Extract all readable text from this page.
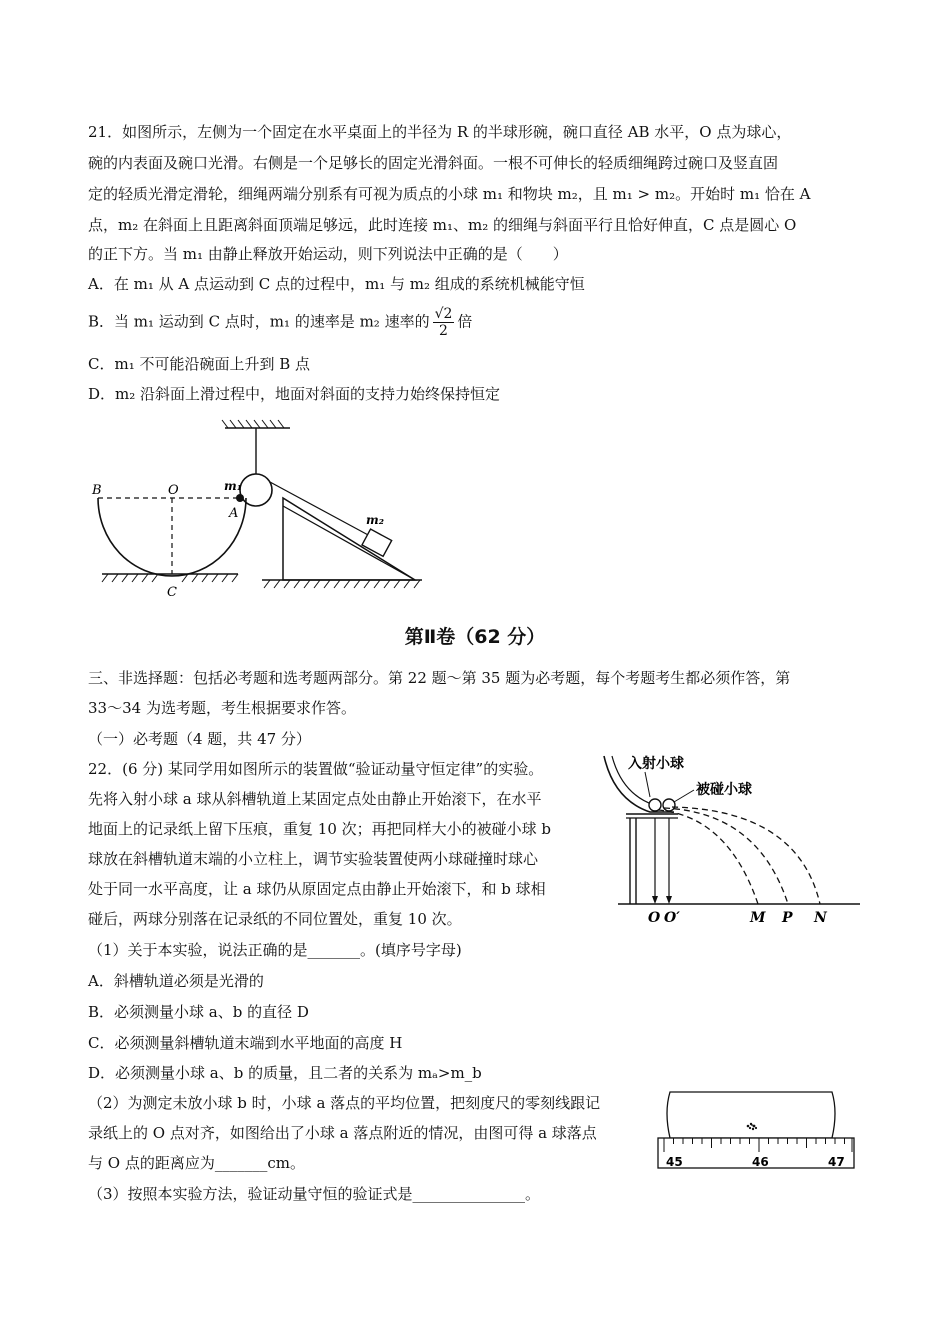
21．如图所示，左侧为一个固定在水平桌面上的半径为 R 的半球形碗，碗口直径 AB 水平，O 点为球心，
碗的内表面及碗口光滑。右侧是一个足够长的固定光滑斜面。一根不可伸长的轻质细绳跨过碗口及竖直固
定的轻质光滑定滑轮，细绳两端分别系有可视为质点的小球 m₁ 和物块 m₂，且 m₁ > m₂。开始时 m₁ 恰在 A
点，m₂ 在斜面上且距离斜面顶端足够远，此时连接 m₁、m₂ 的细绳与斜面平行且恰好伸直，C 点是圆心 O
的正下方。当 m₁ 由静止释放开始运动，则下列说法中正确的是（　　）
A．在 m₁ 从 A 点运动到 C 点的过程中，m₁ 与 m₂ 组成的系统机械能守恒
B．当 m₁ 运动到 C 点时，m₁ 的速率是 m₂ 速率的 $\frac{√2}{2}$ 倍
C．m₁ 不可能沿碗面上升到 B 点
D．m₂ 沿斜面上滑过程中，地面对斜面的支持力始终保持恒定
B	O
A
C
m₁
m₂
第Ⅱ卷（62 分）
三、非选择题：包括必考题和选考题两部分。第 22 题～第 35 题为必考题，每个考题考生都必须作答，第
33～34 为选考题，考生根据要求作答。
（一）必考题（4 题，共 47 分）
22．(6 分) 某同学用如图所示的装置做“验证动量守恒定律”的实验。
先将入射小球 a 球从斜槽轨道上某固定点处由静止开始滚下，在水平
地面上的记录纸上留下压痕，重复 10 次；再把同样大小的被碰小球 b
球放在斜槽轨道末端的小立柱上，调节实验装置使两小球碰撞时球心
处于同一水平高度，让 a 球仍从原固定点由静止开始滚下，和 b 球相
碰后，两球分别落在记录纸的不同位置处，重复 10 次。
（1）关于本实验，说法正确的是_______。(填序号字母)
A．斜槽轨道必须是光滑的
B．必须测量小球 a、b 的直径 D
C．必须测量斜槽轨道末端到水平地面的高度 H
D．必须测量小球 a、b 的质量，且二者的关系为 mₐ>m_b
（2）为测定未放小球 b 时，小球 a 落点的平均位置，把刻度尺的零刻线跟记
录纸上的 O 点对齐，如图给出了小球 a 落点附近的情况，由图可得 a 球落点
与 O 点的距离应为_______cm。
（3）按照本实验方法，验证动量守恒的验证式是_______________。
入射小球
被碰小球
O O′	M P N
45	46	47
